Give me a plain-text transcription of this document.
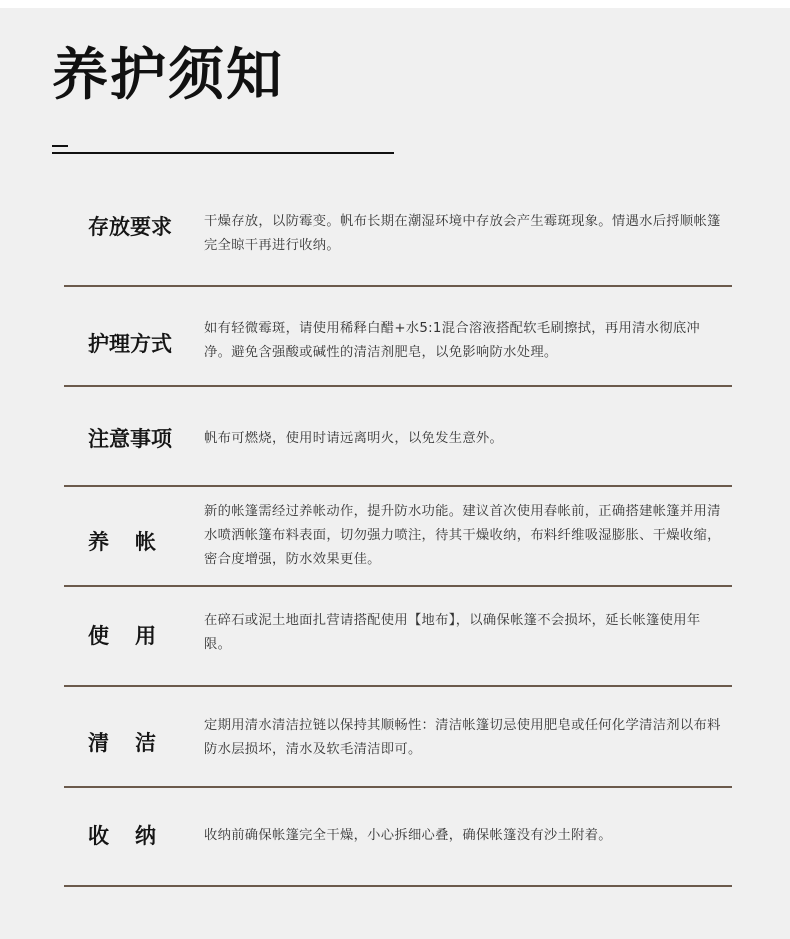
养护须知
存放要求 干燥存放，以防霉变。帆布长期在潮湿环境中存放会产生霉斑现象。情遇水后捋顺帐篷完全晾干再进行收纳。
护理方式
如有轻微霉斑，请使用稀释白醋+水5:1混合溶液搭配软毛刷擦拭，再用清水彻底冲净。避免含强酸或碱性的清洁剂肥皂，以免影响防水处理。
注意事项 帆布可燃烧，使用时请远离明火，以免发生意外。
养帐
新的帐篷需经过养帐动作，提升防水功能。建议首次使用春帐前，正确搭建帐篷并用清水喷洒帐篷布料表面，切勿强力喷注，待其干燥收纳，布料纤维吸湿膨胀、干燥收缩，密合度增强，防水效果更佳。
使用
在碎石或泥土地面扎营请搭配使用【地布】，以确保帐篷不会损坏，延长帐篷使用年限。
清洁
定期用清水清洁拉链以保持其顺畅性：清洁帐篷切忌使用肥皂或任何化学清洁剂以布料防水层损坏，清水及软毛清洁即可。
收纳 收纳前确保帐篷完全干燥，小心拆细心叠，确保帐篷没有沙土附着。
